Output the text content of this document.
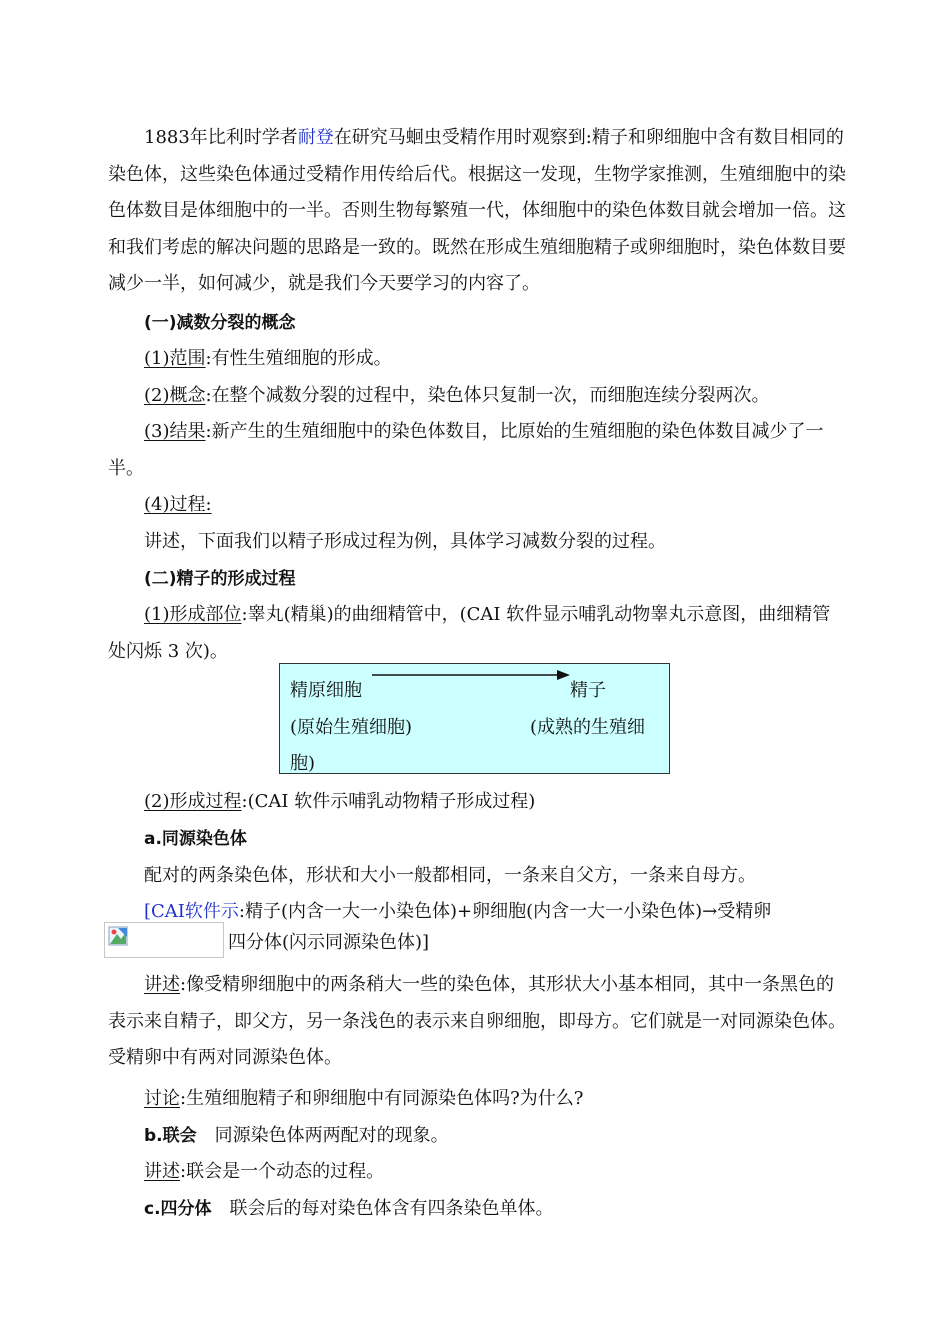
1883年比利时学者耐登在研究马蛔虫受精作用时观察到:精子和卵细胞中含有数目相同的染色体，这些染色体通过受精作用传给后代。根据这一发现，生物学家推测，生殖细胞中的染色体数目是体细胞中的一半。否则生物每繁殖一代，体细胞中的染色体数目就会增加一倍。这和我们考虑的解决问题的思路是一致的。既然在形成生殖细胞精子或卵细胞时，染色体数目要减少一半，如何减少，就是我们今天要学习的内容了。

(一)减数分裂的概念

(1)范围:有性生殖细胞的形成。

(2)概念:在整个减数分裂的过程中，染色体只复制一次，而细胞连续分裂两次。

(3)结果:新产生的生殖细胞中的染色体数目，比原始的生殖细胞的染色体数目减少了一半。

(4)过程:

讲述，下面我们以精子形成过程为例，具体学习减数分裂的过程。

(二)精子的形成过程

(1)形成部位:睾丸(精巢)的曲细精管中，(CAI 软件显示哺乳动物睾丸示意图，曲细精管处闪烁 3 次)。

精原细胞	精子
(原始生殖细胞)	(成熟的生殖细
胞)

(2)形成过程:(CAI 软件示哺乳动物精子形成过程)

a.同源染色体

配对的两条染色体，形状和大小一般都相同，一条来自父方，一条来自母方。

[CAI软件示:精子(内含一大一小染色体)+卵细胞(内含一大一小染色体)→受精卵

四分体(闪示同源染色体)]

讲述:像受精卵细胞中的两条稍大一些的染色体，其形状大小基本相同，其中一条黑色的表示来自精子，即父方，另一条浅色的表示来自卵细胞，即母方。它们就是一对同源染色体。受精卵中有两对同源染色体。

讨论:生殖细胞精子和卵细胞中有同源染色体吗?为什么?

b.联会　同源染色体两两配对的现象。

讲述:联会是一个动态的过程。

c.四分体　联会后的每对染色体含有四条染色单体。
